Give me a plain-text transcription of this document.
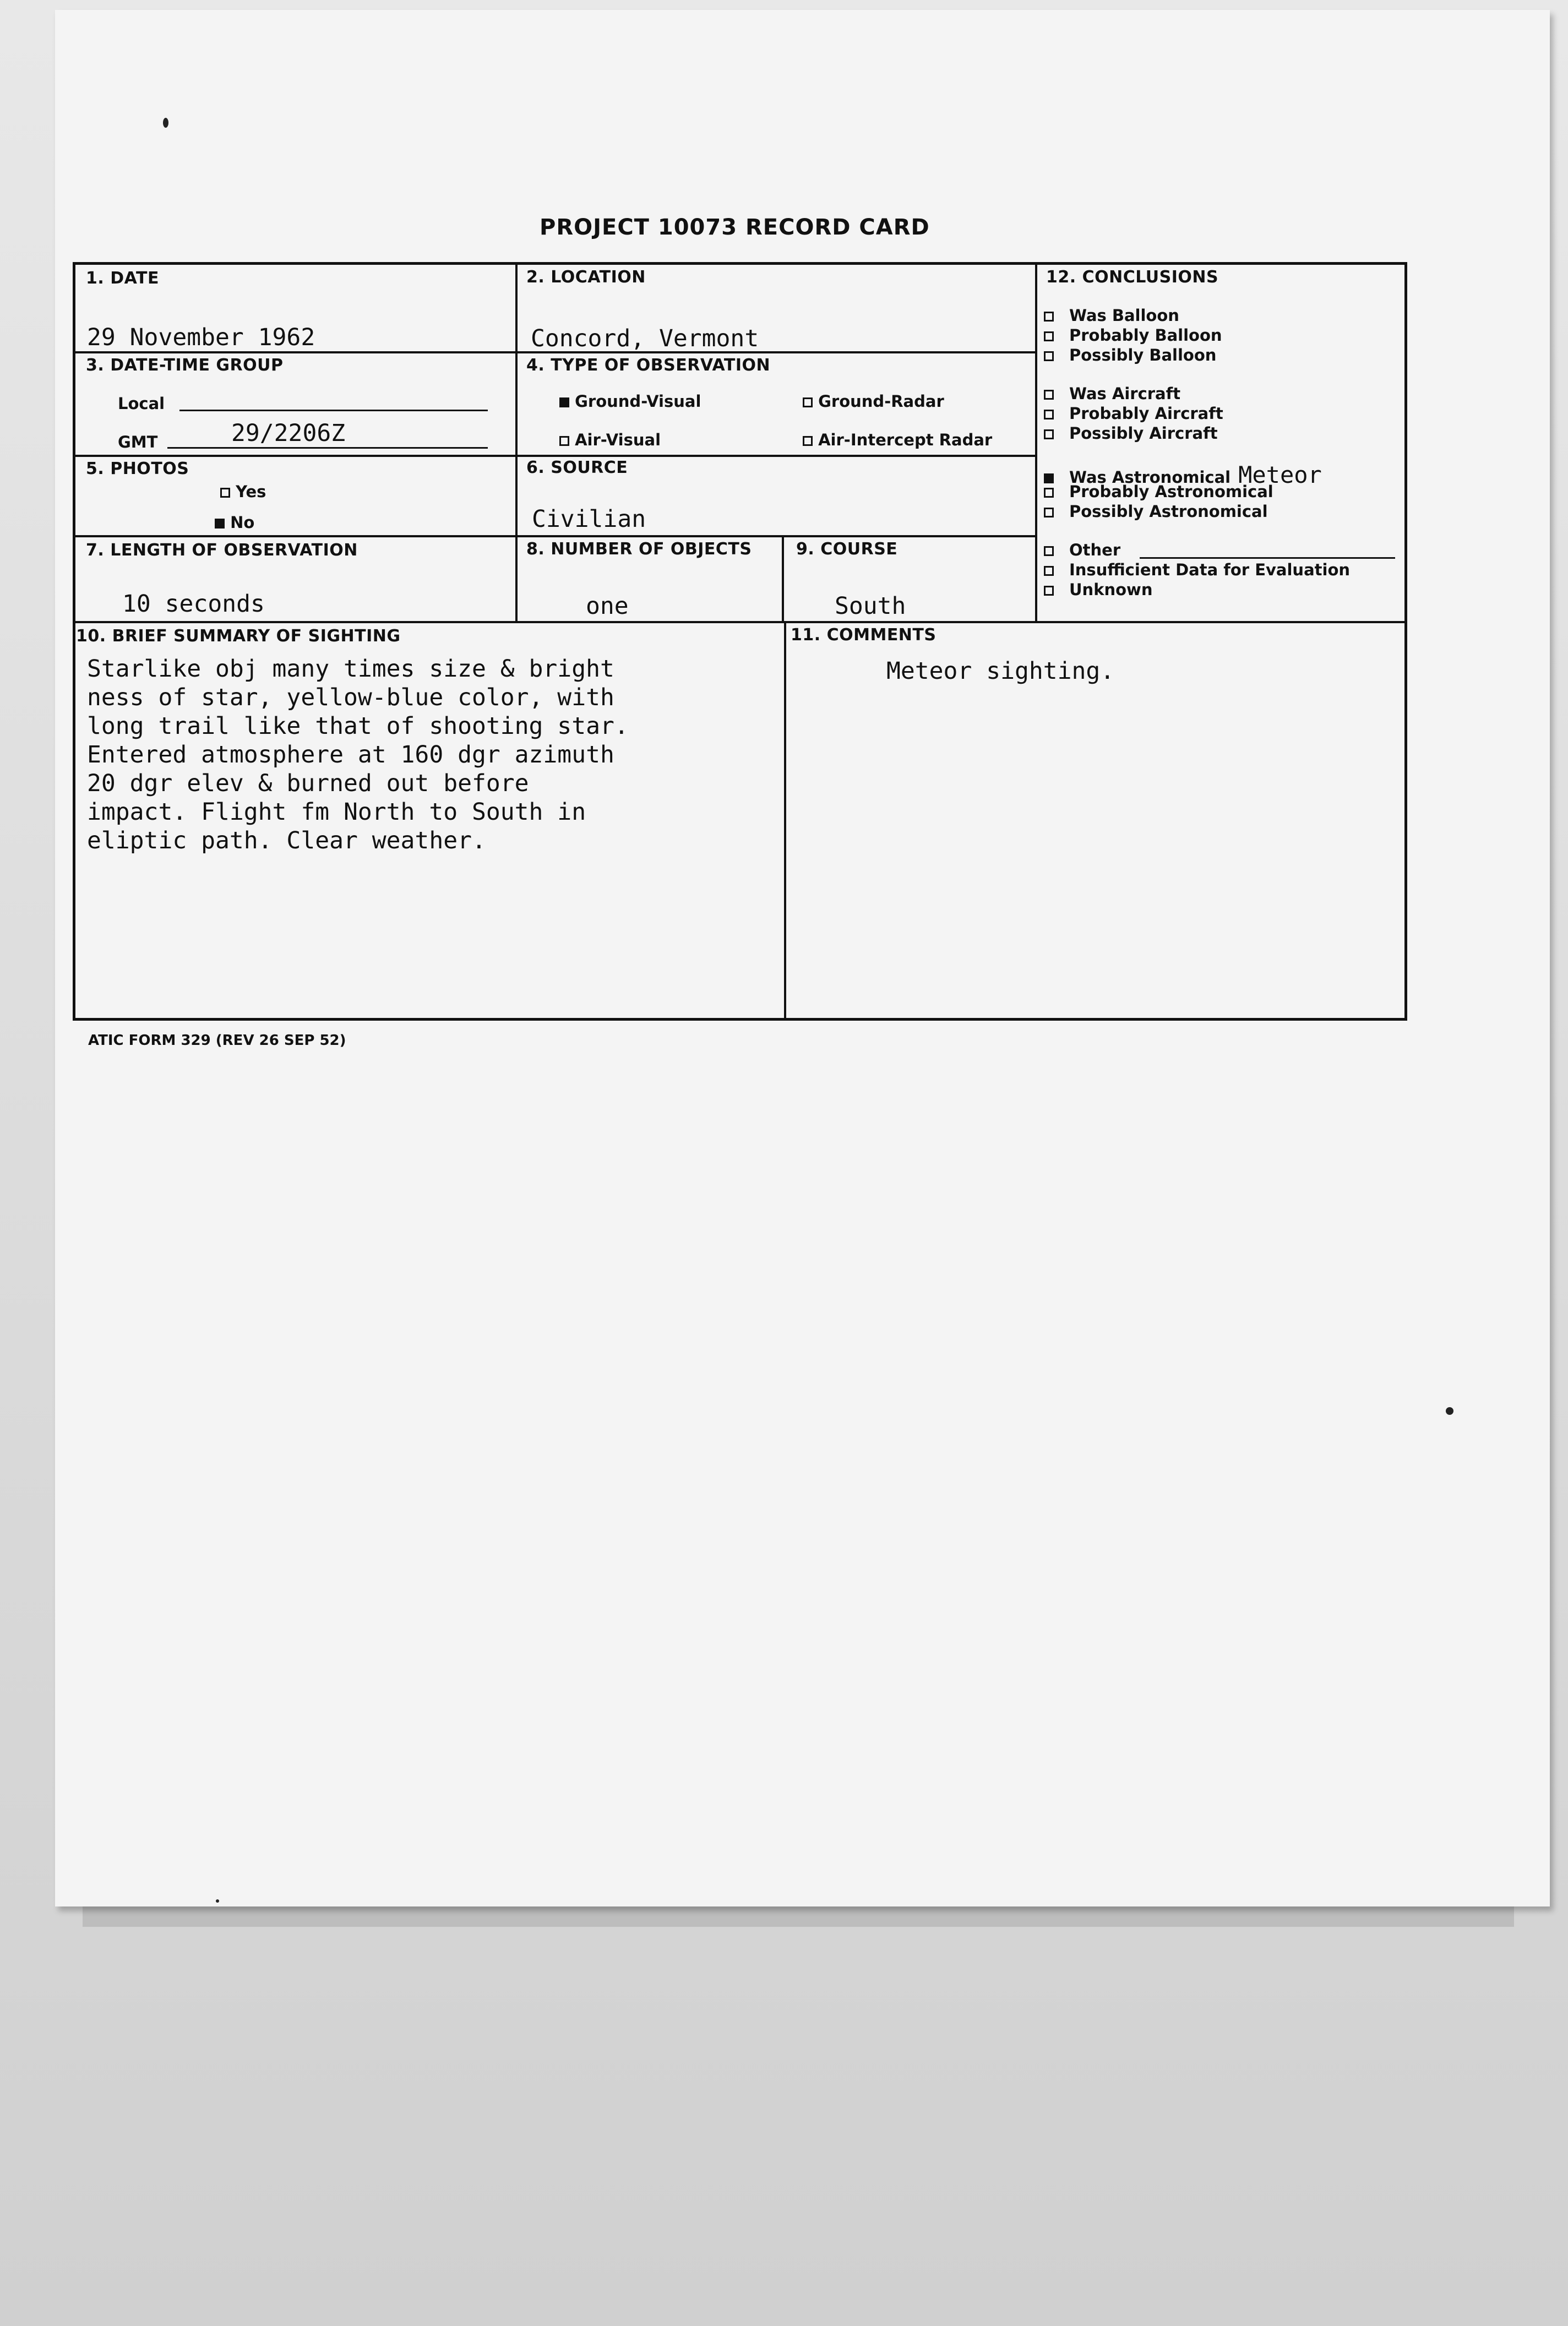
PROJECT 10073 RECORD CARD
1. DATE
29 November 1962
2. LOCATION
Concord, Vermont
3. DATE-TIME GROUP
Local
GMT	29/2206Z
4. TYPE OF OBSERVATION
Ground-Visual	Ground-Radar
Air-Visual	Air-Intercept Radar
5. PHOTOS
Yes
No
6. SOURCE
Civilian
7. LENGTH OF OBSERVATION
10 seconds
8. NUMBER OF OBJECTS
one
9. COURSE
South
10. BRIEF SUMMARY OF SIGHTING
Starlike obj many times size & bright
ness of star, yellow-blue color, with
long trail like that of shooting star.
Entered atmosphere at 160 dgr azimuth
20 dgr elev & burned out before
impact. Flight fm North to South in
eliptic path. Clear weather.
11. COMMENTS
Meteor sighting.
12. CONCLUSIONS
Was Balloon
Probably Balloon
Possibly Balloon
Was Aircraft
Probably Aircraft
Possibly Aircraft
Was Astronomical Meteor
Probably Astronomical
Possibly Astronomical
Other
Insufficient Data for Evaluation
Unknown
ATIC FORM 329 (REV 26 SEP 52)
